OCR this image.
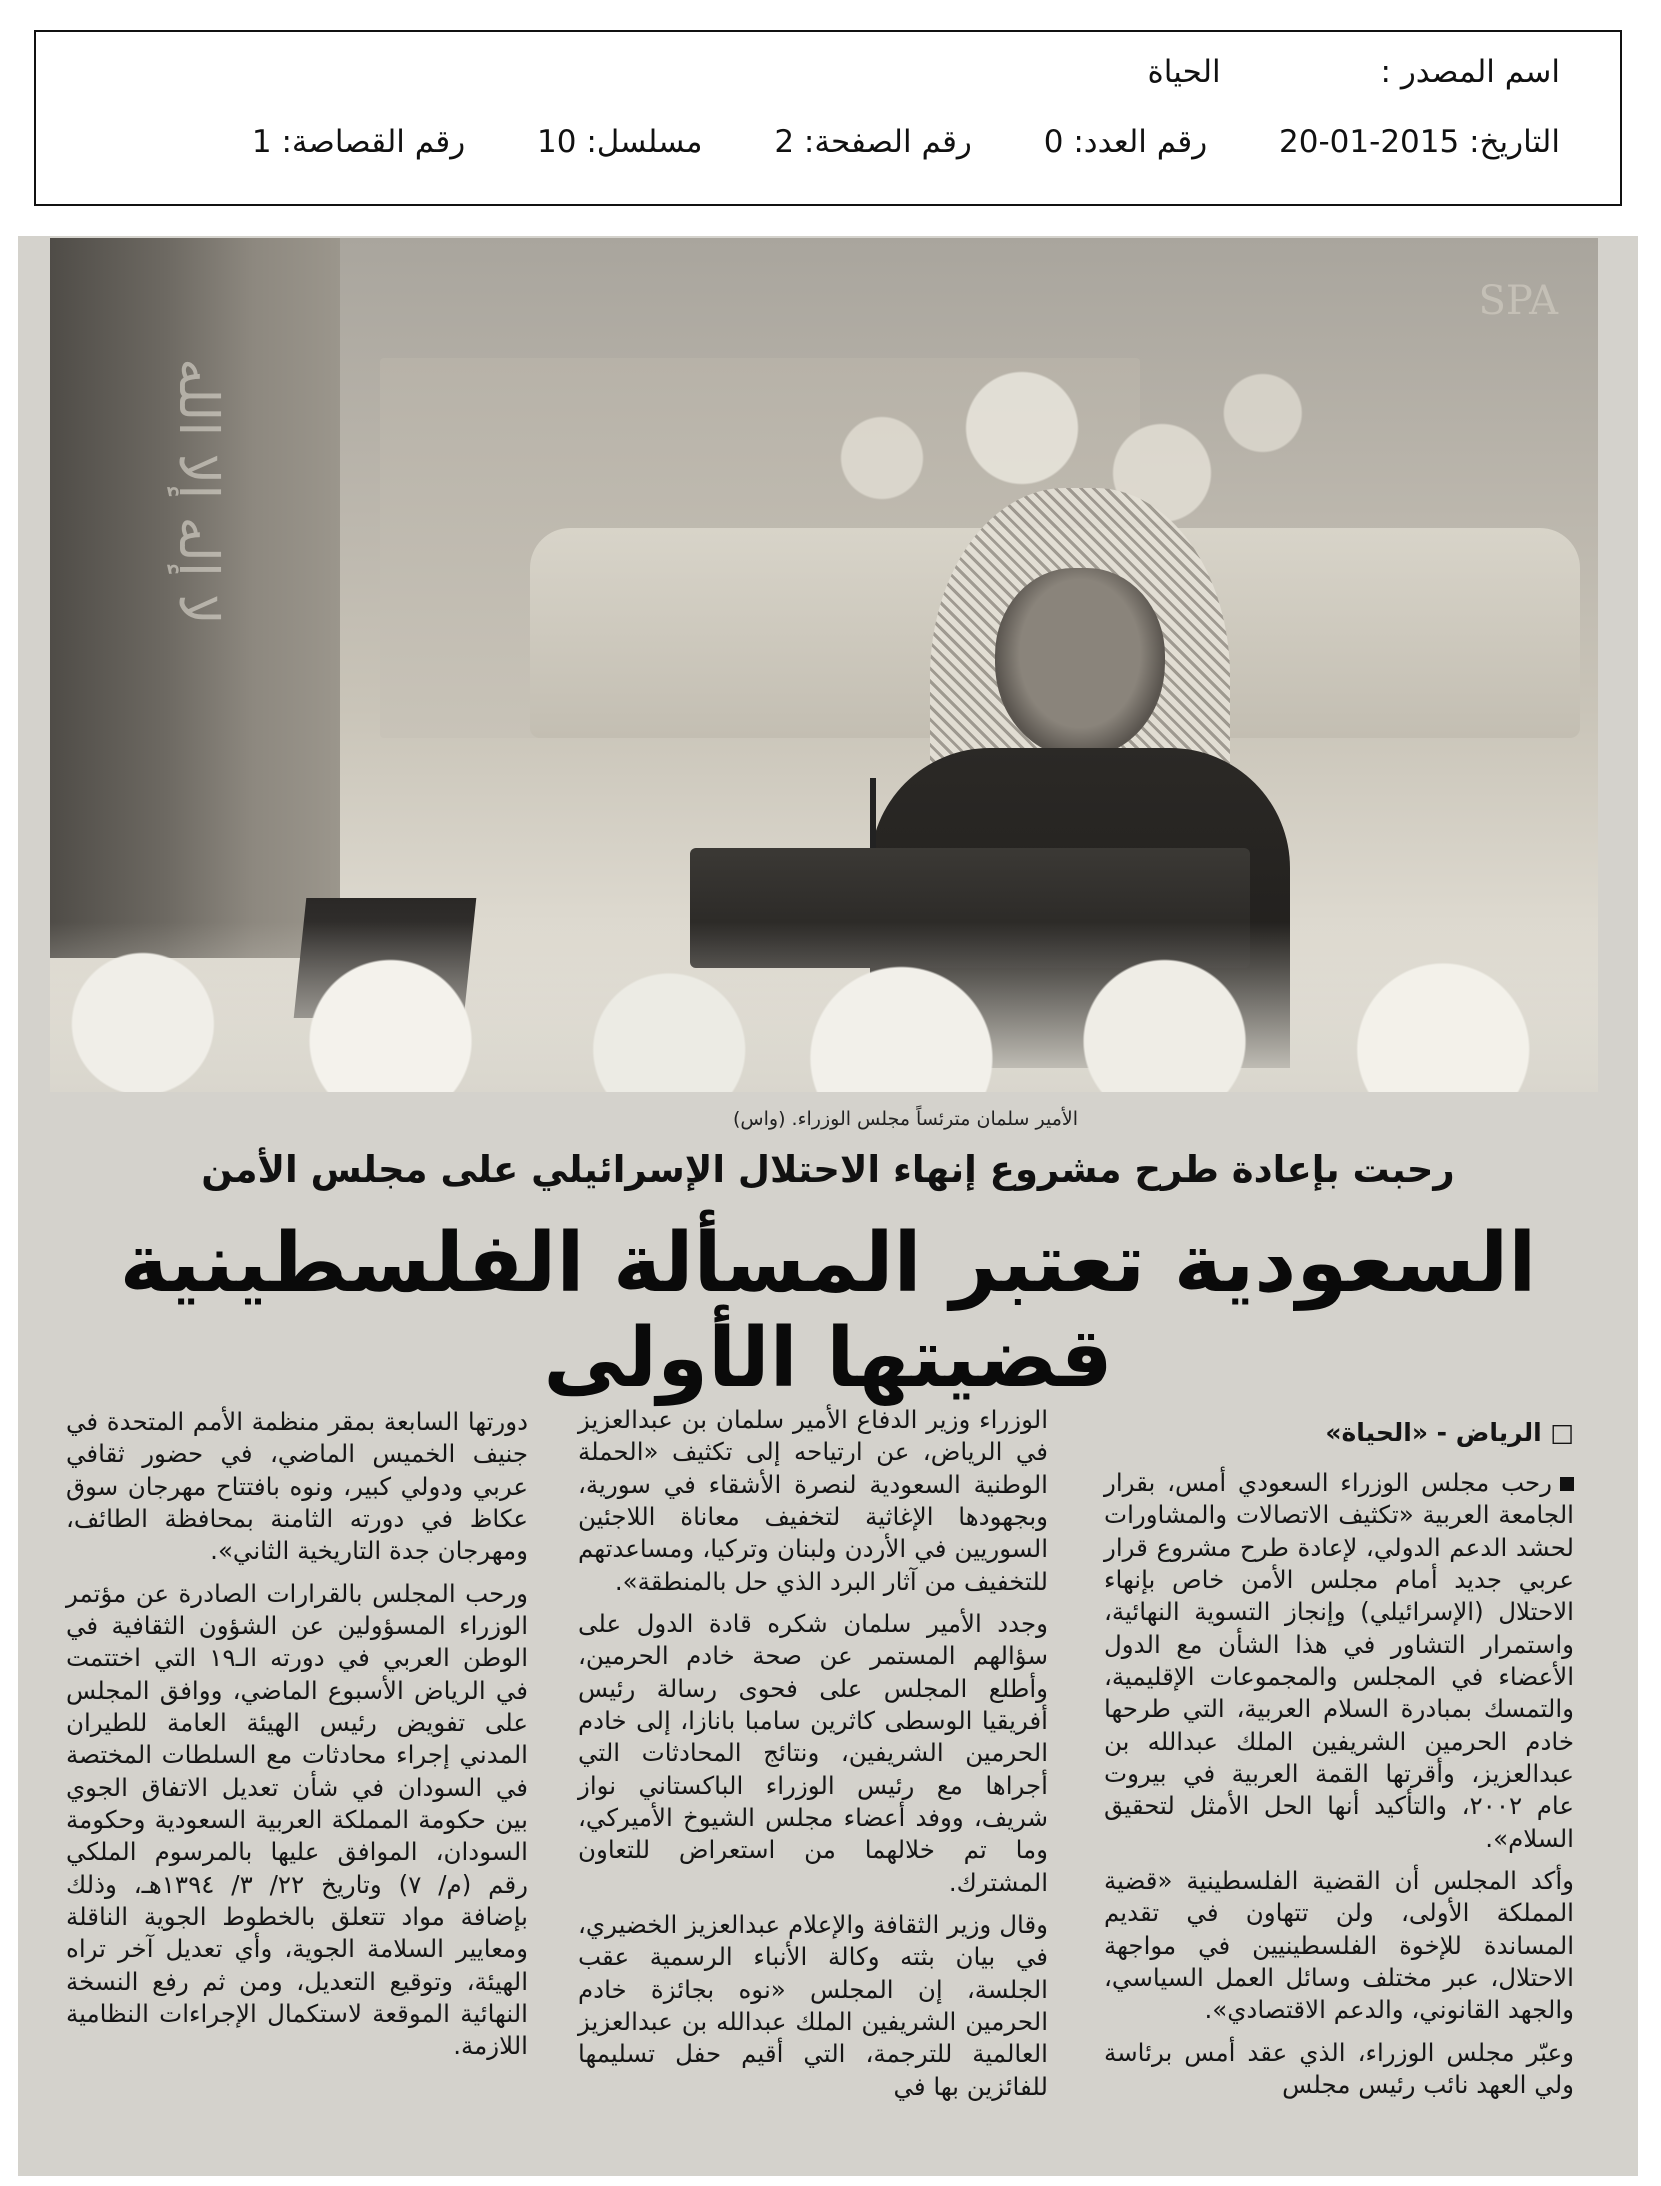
اسم المصدر : الحياة
التاريخ: 2015-01-20 رقم العدد: 0 رقم الصفحة: 2 مسلسل: 10 رقم القصاصة: 1
لا إله إلا الله
SPA
الأمير سلمان مترئساً مجلس الوزراء. (واس)
رحبت بإعادة طرح مشروع إنهاء الاحتلال الإسرائيلي على مجلس الأمن
السعودية تعتبر المسألة الفلسطينية قضيتها الأولى
□ الرياض - «الحياة»

رحب مجلس الوزراء السعودي أمس، بقرار الجامعة العربية «تكثيف الاتصالات والمشاورات لحشد الدعم الدولي، لإعادة طرح مشروع قرار عربي جديد أمام مجلس الأمن خاص بإنهاء الاحتلال (الإسرائيلي) وإنجاز التسوية النهائية، واستمرار التشاور في هذا الشأن مع الدول الأعضاء في المجلس والمجموعات الإقليمية، والتمسك بمبادرة السلام العربية، التي طرحها خادم الحرمين الشريفين الملك عبدالله بن عبدالعزيز، وأقرتها القمة العربية في بيروت عام ٢٠٠٢، والتأكيد أنها الحل الأمثل لتحقيق السلام».

وأكد المجلس أن القضية الفلسطينية «قضية المملكة الأولى، ولن تتهاون في تقديم المساندة للإخوة الفلسطينيين في مواجهة الاحتلال، عبر مختلف وسائل العمل السياسي، والجهد القانوني، والدعم الاقتصادي».

وعبّر مجلس الوزراء، الذي عقد أمس برئاسة ولي العهد نائب رئيس مجلس

الوزراء وزير الدفاع الأمير سلمان بن عبدالعزيز في الرياض، عن ارتياحه إلى تكثيف «الحملة الوطنية السعودية لنصرة الأشقاء في سورية، وبجهودها الإغاثية لتخفيف معاناة اللاجئين السوريين في الأردن ولبنان وتركيا، ومساعدتهم للتخفيف من آثار البرد الذي حل بالمنطقة».

وجدد الأمير سلمان شكره قادة الدول على سؤالهم المستمر عن صحة خادم الحرمين، وأطلع المجلس على فحوى رسالة رئيس أفريقيا الوسطى كاثرين سامبا بانازا، إلى خادم الحرمين الشريفين، ونتائج المحادثات التي أجراها مع رئيس الوزراء الباكستاني نواز شريف، ووفد أعضاء مجلس الشيوخ الأميركي، وما تم خلالهما من استعراض للتعاون المشترك.

وقال وزير الثقافة والإعلام عبدالعزيز الخضيري، في بيان بثته وكالة الأنباء الرسمية عقب الجلسة، إن المجلس «نوه بجائزة خادم الحرمين الشريفين الملك عبدالله بن عبدالعزيز العالمية للترجمة، التي أقيم حفل تسليمها للفائزين بها في

دورتها السابعة بمقر منظمة الأمم المتحدة في جنيف الخميس الماضي، في حضور ثقافي عربي ودولي كبير، ونوه بافتتاح مهرجان سوق عكاظ في دورته الثامنة بمحافظة الطائف، ومهرجان جدة التاريخية الثاني».

ورحب المجلس بالقرارات الصادرة عن مؤتمر الوزراء المسؤولين عن الشؤون الثقافية في الوطن العربي في دورته الـ١٩ التي اختتمت في الرياض الأسبوع الماضي، ووافق المجلس على تفويض رئيس الهيئة العامة للطيران المدني إجراء محادثات مع السلطات المختصة في السودان في شأن تعديل الاتفاق الجوي بين حكومة المملكة العربية السعودية وحكومة السودان، الموافق عليها بالمرسوم الملكي رقم (م/ ٧) وتاريخ ٢٢/ ٣/ ١٣٩٤هـ، وذلك بإضافة مواد تتعلق بالخطوط الجوية الناقلة ومعايير السلامة الجوية، وأي تعديل آخر تراه الهيئة، وتوقيع التعديل، ومن ثم رفع النسخة النهائية الموقعة لاستكمال الإجراءات النظامية اللازمة.
